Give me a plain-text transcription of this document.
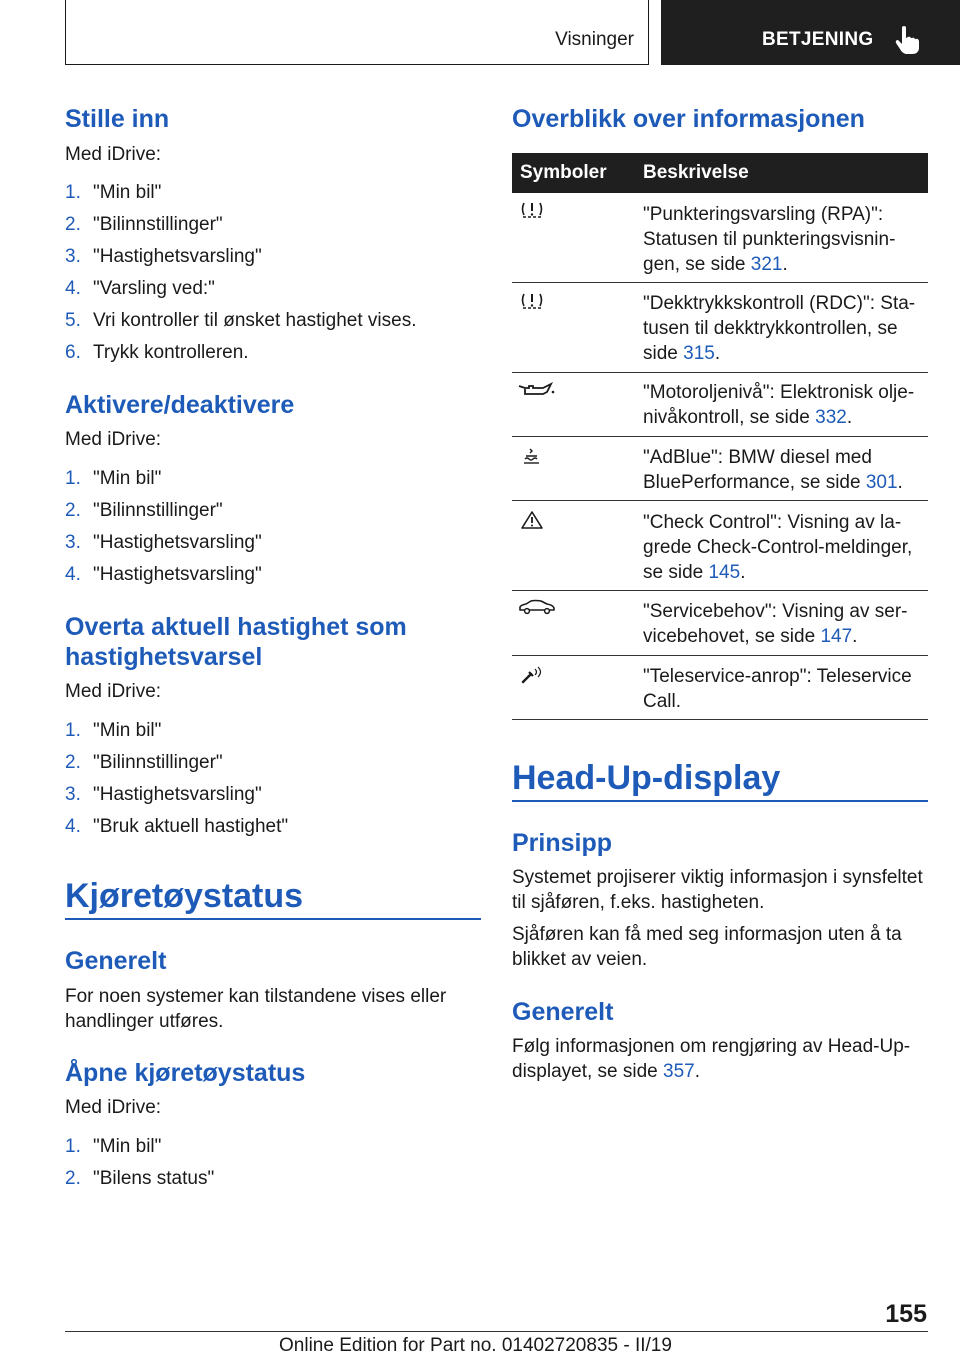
Visninger	BETJENING
Stille inn
Med iDrive:
1. "Min bil"
2. "Bilinnstillinger"
3. "Hastighetsvarsling"
4. "Varsling ved:"
5. Vri kontroller til ønsket hastighet vises.
6. Trykk kontrolleren.
Aktivere/deaktivere
Med iDrive:
1. "Min bil"
2. "Bilinnstillinger"
3. "Hastighetsvarsling"
4. "Hastighetsvarsling"
Overta aktuell hastighet som
hastighetsvarsel
Med iDrive:
1. "Min bil"
2. "Bilinnstillinger"
3. "Hastighetsvarsling"
4. "Bruk aktuell hastighet"
Kjøretøystatus
Generelt
For noen systemer kan tilstandene vises eller
handlinger utføres.
Åpne kjøretøystatus
Med iDrive:
1. "Min bil"
2. "Bilens status"
Overblikk over informasjonen
Symboler Beskrivelse
"Punkteringsvarsling (RPA)":
Statusen til punkteringsvisnin-
gen, se side 321.
"Dekktrykkskontroll (RDC)": Sta-
tusen til dekktrykkontrollen, se
side 315.
"Motoroljenivå": Elektronisk olje-
nivåkontroll, se side 332.
"AdBlue": BMW diesel med
BluePerformance, se side 301.
"Check Control": Visning av la-
grede Check-Control-meldinger,
se side 145.
"Servicebehov": Visning av ser-
vicebehovet, se side 147.
"Teleservice-anrop": Teleservice
Call.
Head-Up-display
Prinsipp
Systemet projiserer viktig informasjon i synsfeltet
til sjåføren, f.eks. hastigheten.
Sjåføren kan få med seg informasjon uten å ta
blikket av veien.
Generelt
Følg informasjonen om rengjøring av Head-Up-
displayet, se side 357.
155
Online Edition for Part no. 01402720835 - II/19
